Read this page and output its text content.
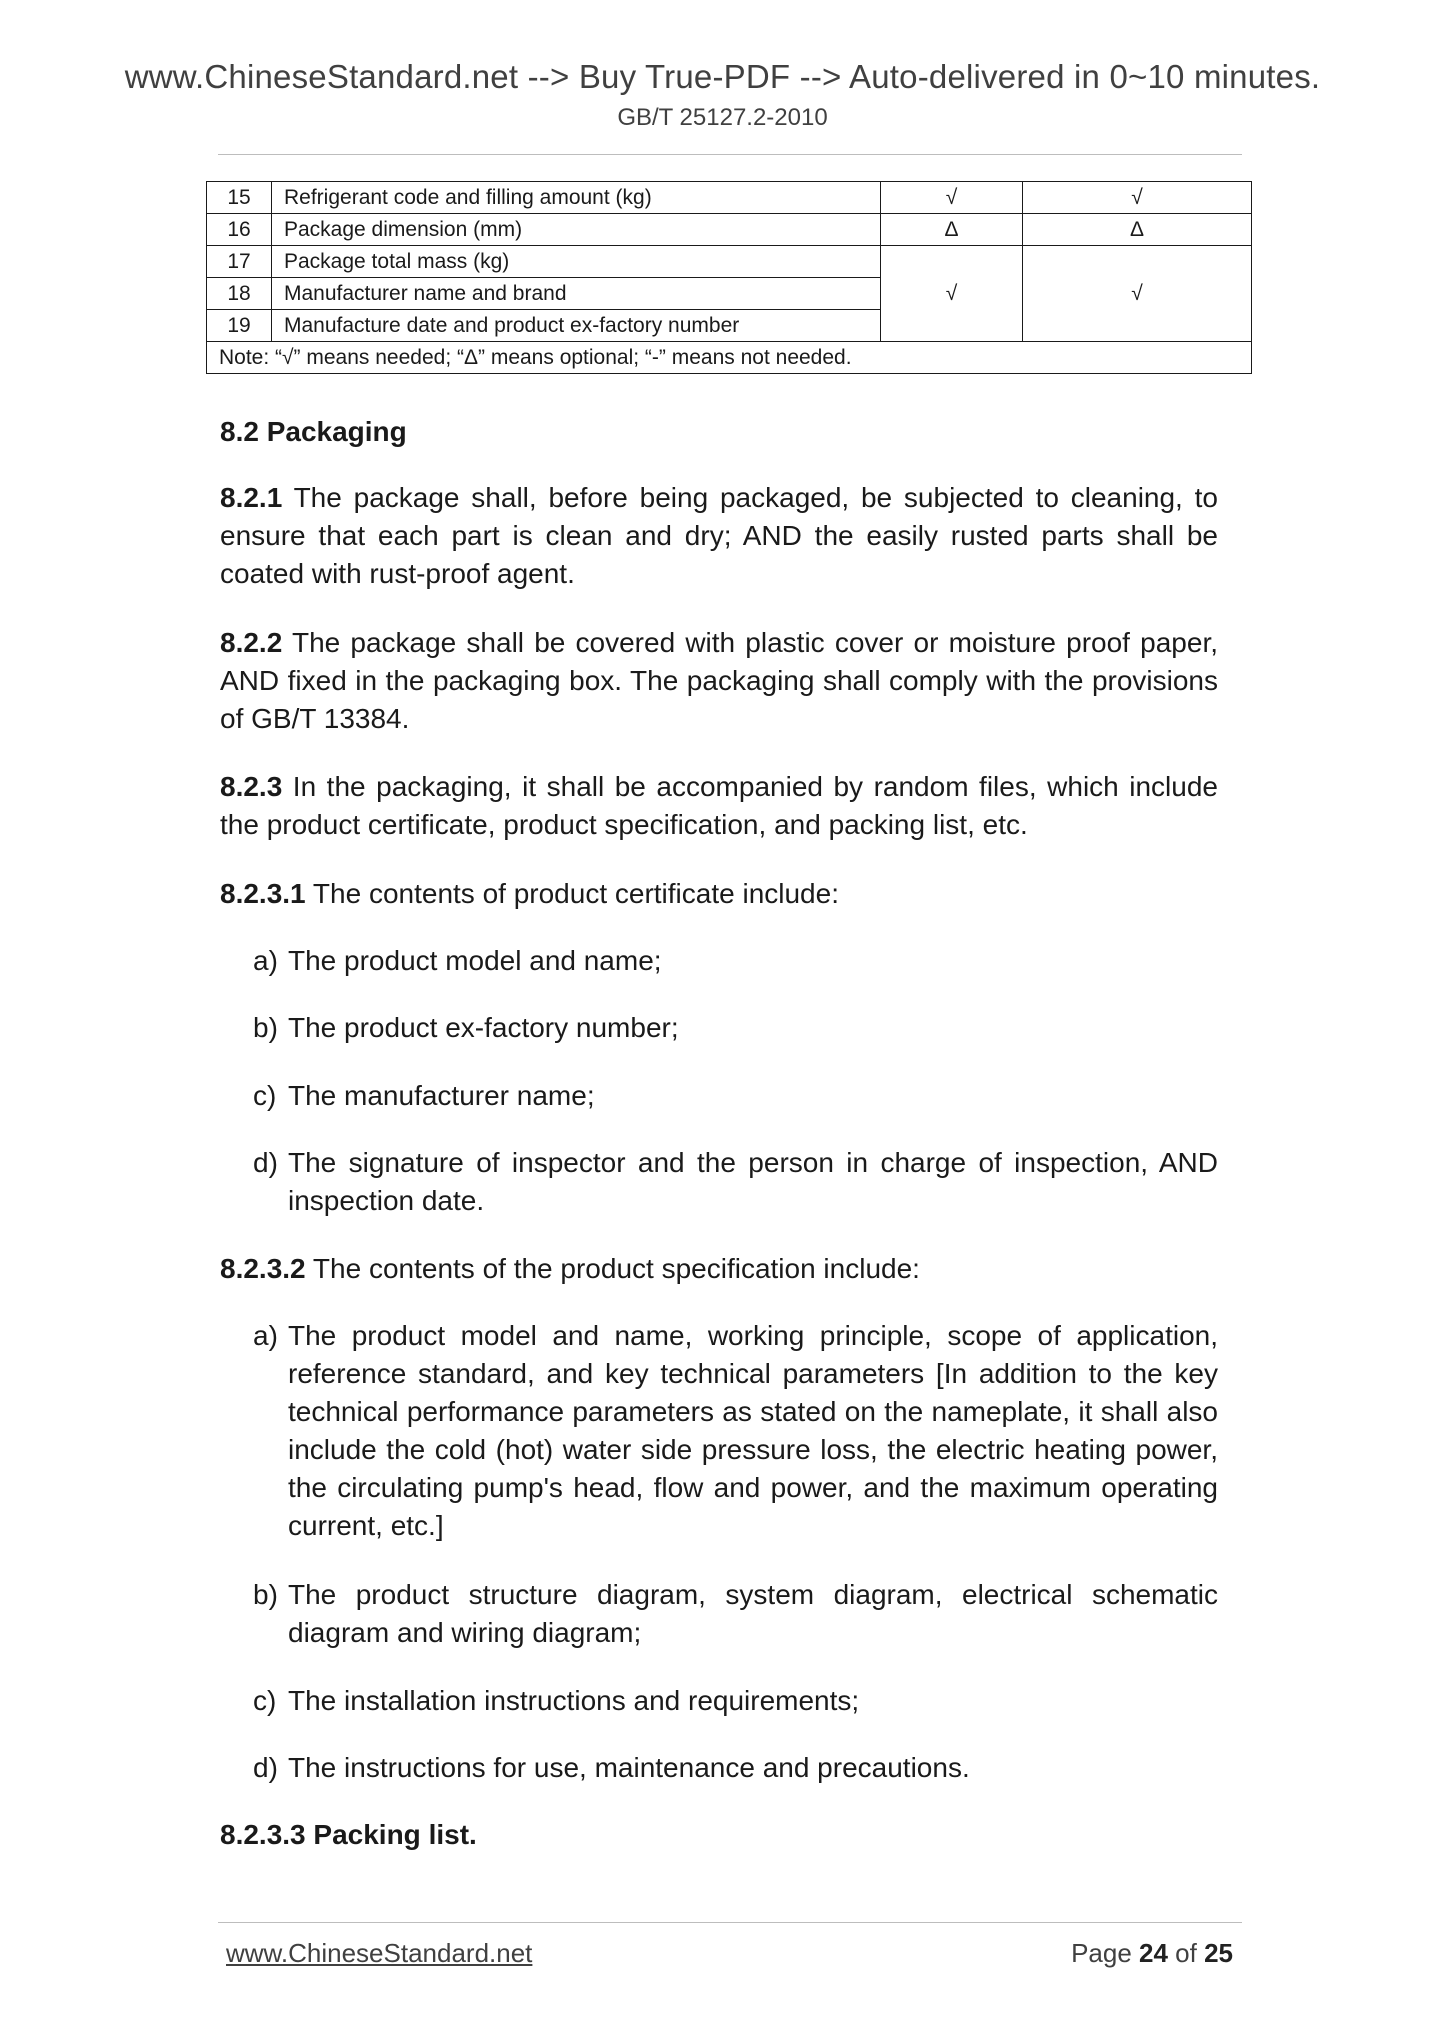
www.ChineseStandard.net --> Buy True-PDF --> Auto-delivered in 0~10 minutes.
GB/T 25127.2-2010
15	Refrigerant code and filling amount (kg)	√	√
16	Package dimension (mm)	Δ	Δ
17	Package total mass (kg)	√	√
18	Manufacturer name and brand		
19	Manufacture date and product ex-factory number		
Note: “√” means needed; “Δ” means optional; “-” means not needed.			

8.2 Packaging

8.2.1 The package shall, before being packaged, be subjected to cleaning, to ensure that each part is clean and dry; AND the easily rusted parts shall be coated with rust-proof agent.

8.2.2 The package shall be covered with plastic cover or moisture proof paper, AND fixed in the packaging box. The packaging shall comply with the provisions of GB/T 13384.

8.2.3 In the packaging, it shall be accompanied by random files, which include the product certificate, product specification, and packing list, etc.

8.2.3.1 The contents of product certificate include:

a) The product model and name;

b) The product ex-factory number;

c) The manufacturer name;

d) The signature of inspector and the person in charge of inspection, AND inspection date.

8.2.3.2 The contents of the product specification include:

a) The product model and name, working principle, scope of application, reference standard, and key technical parameters [In addition to the key technical performance parameters as stated on the nameplate, it shall also include the cold (hot) water side pressure loss, the electric heating power, the circulating pump's head, flow and power, and the maximum operating current, etc.]

b) The product structure diagram, system diagram, electrical schematic diagram and wiring diagram;

c) The installation instructions and requirements;

d) The instructions for use, maintenance and precautions.

8.2.3.3 Packing list.

www.ChineseStandard.net	Page 24 of 25
